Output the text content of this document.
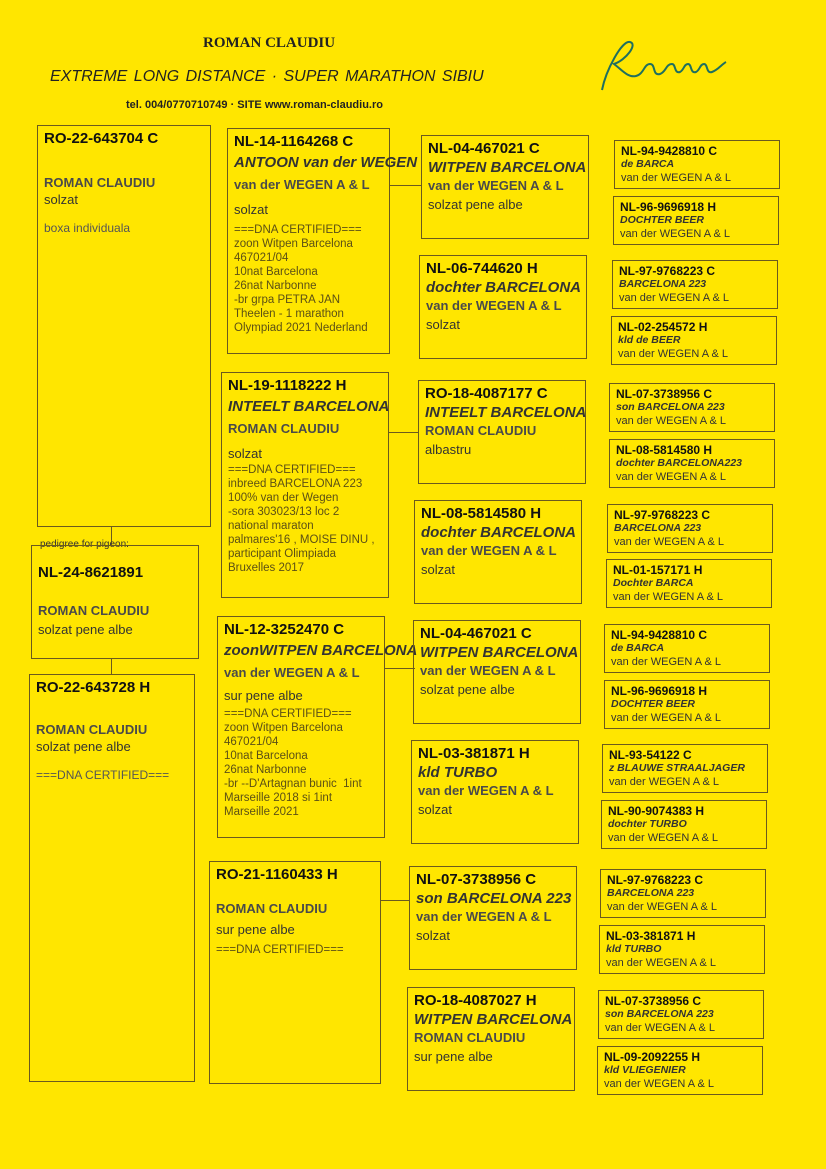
ROMAN CLAUDIU
EXTREME LONG DISTANCE · SUPER MARATHON SIBIU
tel. 004/0770710749 · SITE www.roman-claudiu.ro
RO-22-643704 C
ROMAN CLAUDIU
solzat
boxa individuala
pedigree for pigeon:
NL-24-8621891
ROMAN CLAUDIU
solzat pene albe
RO-22-643728 H
ROMAN CLAUDIU
solzat pene albe
===DNA CERTIFIED===
NL-14-1164268 C
ANTOON van der WEGEN
van der WEGEN A & L
solzat
===DNA CERTIFIED===
zoon Witpen Barcelona
467021/04
10nat Barcelona
26nat Narbonne
-br grpa PETRA JAN
Theelen - 1 marathon
Olympiad 2021 Nederland
NL-19-1118222 H
INTEELT BARCELONA
ROMAN CLAUDIU
solzat
===DNA CERTIFIED===
inbreed BARCELONA 223
100% van der Wegen
-sora 303023/13 loc 2
national maraton
palmares'16 , MOISE DINU ,
participant Olimpiada
Bruxelles 2017
NL-12-3252470 C
zoonWITPEN BARCELONA
van der WEGEN A & L
sur pene albe
===DNA CERTIFIED===
zoon Witpen Barcelona
467021/04
10nat Barcelona
26nat Narbonne
-br --D'Artagnan bunic  1int
Marseille 2018 si 1int
Marseille 2021
RO-21-1160433 H
ROMAN CLAUDIU
sur pene albe
===DNA CERTIFIED===
NL-04-467021 C
WITPEN BARCELONA
van der WEGEN A & L
solzat pene albe
NL-06-744620 H
dochter BARCELONA
van der WEGEN A & L
solzat
RO-18-4087177 C
INTEELT BARCELONA
ROMAN CLAUDIU
albastru
NL-08-5814580 H
dochter BARCELONA
van der WEGEN A & L
solzat
NL-04-467021 C
WITPEN BARCELONA
van der WEGEN A & L
solzat pene albe
NL-03-381871 H
kld TURBO
van der WEGEN A & L
solzat
NL-07-3738956 C
son BARCELONA 223
van der WEGEN A & L
solzat
RO-18-4087027 H
WITPEN BARCELONA
ROMAN CLAUDIU
sur pene albe
NL-94-9428810 C
de BARCA
van der WEGEN A & L
NL-96-9696918 H
DOCHTER BEER
van der WEGEN A & L
NL-97-9768223 C
BARCELONA 223
van der WEGEN A & L
NL-02-254572 H
kld de BEER
van der WEGEN A & L
NL-07-3738956 C
son BARCELONA 223
van der WEGEN A & L
NL-08-5814580 H
dochter BARCELONA223
van der WEGEN A & L
NL-97-9768223 C
BARCELONA 223
van der WEGEN A & L
NL-01-157171 H
Dochter BARCA
van der WEGEN A & L
NL-94-9428810 C
de BARCA
van der WEGEN A & L
NL-96-9696918 H
DOCHTER BEER
van der WEGEN A & L
NL-93-54122 C
z BLAUWE STRAALJAGER
van der WEGEN A & L
NL-90-9074383 H
dochter TURBO
van der WEGEN A & L
NL-97-9768223 C
BARCELONA 223
van der WEGEN A & L
NL-03-381871 H
kld TURBO
van der WEGEN A & L
NL-07-3738956 C
son BARCELONA 223
van der WEGEN A & L
NL-09-2092255 H
kld VLIEGENIER
van der WEGEN A & L
